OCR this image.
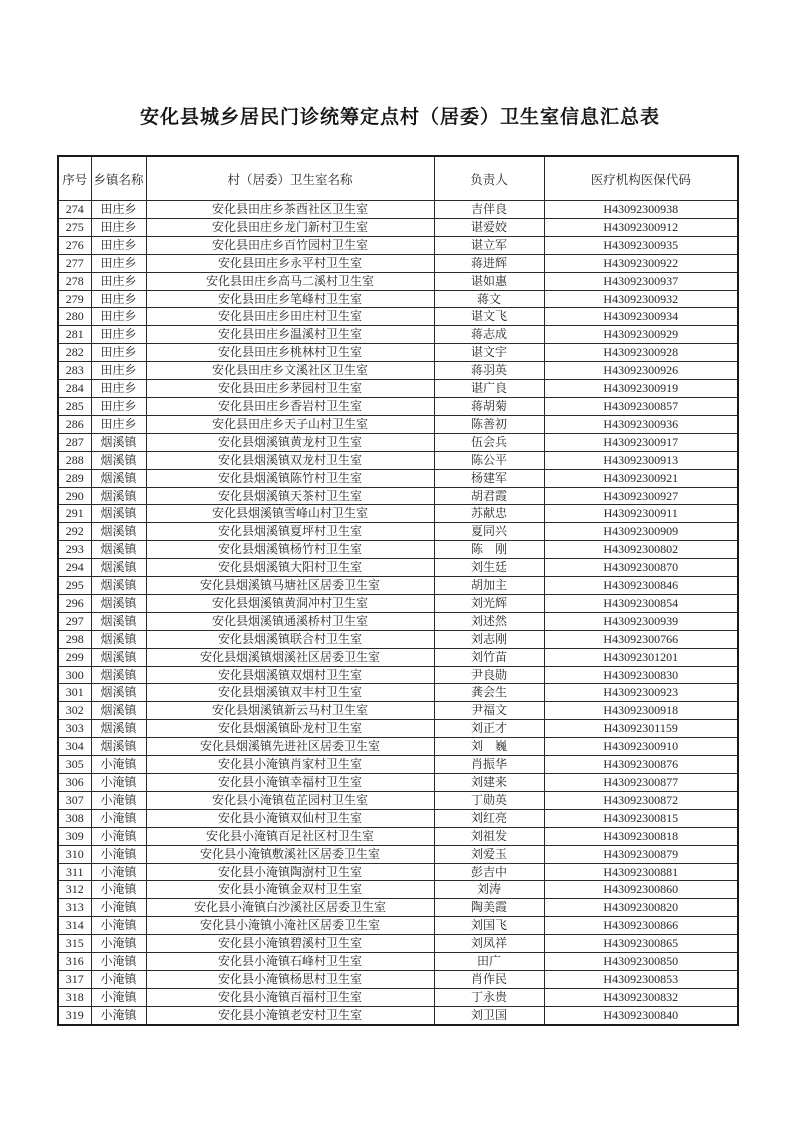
安化县城乡居民门诊统筹定点村（居委）卫生室信息汇总表
序号	乡镇名称	村（居委）卫生室名称	负责人	医疗机构医保代码
274	田庄乡	安化县田庄乡茶酉社区卫生室	吉伴良	H43092300938
275	田庄乡	安化县田庄乡龙门新村卫生室	谌爱姣	H43092300912
276	田庄乡	安化县田庄乡百竹园村卫生室	谌立军	H43092300935
277	田庄乡	安化县田庄乡永平村卫生室	蒋进辉	H43092300922
278	田庄乡	安化县田庄乡高马二溪村卫生室	谌如惠	H43092300937
279	田庄乡	安化县田庄乡笔峰村卫生室	蒋文	H43092300932
280	田庄乡	安化县田庄乡田庄村卫生室	谌文飞	H43092300934
281	田庄乡	安化县田庄乡温溪村卫生室	蒋志成	H43092300929
282	田庄乡	安化县田庄乡桃林村卫生室	谌文宇	H43092300928
283	田庄乡	安化县田庄乡文溪社区卫生室	蒋羽英	H43092300926
284	田庄乡	安化县田庄乡茅园村卫生室	谌广良	H43092300919
285	田庄乡	安化县田庄乡香岩村卫生室	蒋胡菊	H43092300857
286	田庄乡	安化县田庄乡天子山村卫生室	陈善初	H43092300936
287	烟溪镇	安化县烟溪镇黄龙村卫生室	伍会兵	H43092300917
288	烟溪镇	安化县烟溪镇双龙村卫生室	陈公平	H43092300913
289	烟溪镇	安化县烟溪镇陈竹村卫生室	杨建军	H43092300921
290	烟溪镇	安化县烟溪镇天茶村卫生室	胡君霞	H43092300927
291	烟溪镇	安化县烟溪镇雪峰山村卫生室	苏献忠	H43092300911
292	烟溪镇	安化县烟溪镇夏坪村卫生室	夏同兴	H43092300909
293	烟溪镇	安化县烟溪镇杨竹村卫生室	陈　刚	H43092300802
294	烟溪镇	安化县烟溪镇大阳村卫生室	刘生廷	H43092300870
295	烟溪镇	安化县烟溪镇马塘社区居委卫生室	胡加主	H43092300846
296	烟溪镇	安化县烟溪镇黄洞冲村卫生室	刘光辉	H43092300854
297	烟溪镇	安化县烟溪镇通溪桥村卫生室	刘述然	H43092300939
298	烟溪镇	安化县烟溪镇联合村卫生室	刘志刚	H43092300766
299	烟溪镇	安化县烟溪镇烟溪社区居委卫生室	刘竹苗	H43092301201
300	烟溪镇	安化县烟溪镇双烟村卫生室	尹良勋	H43092300830
301	烟溪镇	安化县烟溪镇双丰村卫生室	龚会生	H43092300923
302	烟溪镇	安化县烟溪镇新云马村卫生室	尹福文	H43092300918
303	烟溪镇	安化县烟溪镇卧龙村卫生室	刘正才	H43092301159
304	烟溪镇	安化县烟溪镇先进社区居委卫生室	刘　巍	H43092300910
305	小淹镇	安化县小淹镇肖家村卫生室	肖振华	H43092300876
306	小淹镇	安化县小淹镇幸福村卫生室	刘建来	H43092300877
307	小淹镇	安化县小淹镇苞芷园村卫生室	丁勋英	H43092300872
308	小淹镇	安化县小淹镇双仙村卫生室	刘红亮	H43092300815
309	小淹镇	安化县小淹镇百足社区村卫生室	刘祖发	H43092300818
310	小淹镇	安化县小淹镇敷溪社区居委卫生室	刘爱玉	H43092300879
311	小淹镇	安化县小淹镇陶澍村卫生室	彭吉中	H43092300881
312	小淹镇	安化县小淹镇金双村卫生室	刘涛	H43092300860
313	小淹镇	安化县小淹镇白沙溪社区居委卫生室	陶美霞	H43092300820
314	小淹镇	安化县小淹镇小淹社区居委卫生室	刘国飞	H43092300866
315	小淹镇	安化县小淹镇碧溪村卫生室	刘凤祥	H43092300865
316	小淹镇	安化县小淹镇石峰村卫生室	田广	H43092300850
317	小淹镇	安化县小淹镇杨思村卫生室	肖作民	H43092300853
318	小淹镇	安化县小淹镇百福村卫生室	丁永贵	H43092300832
319	小淹镇	安化县小淹镇老安村卫生室	刘卫国	H43092300840
